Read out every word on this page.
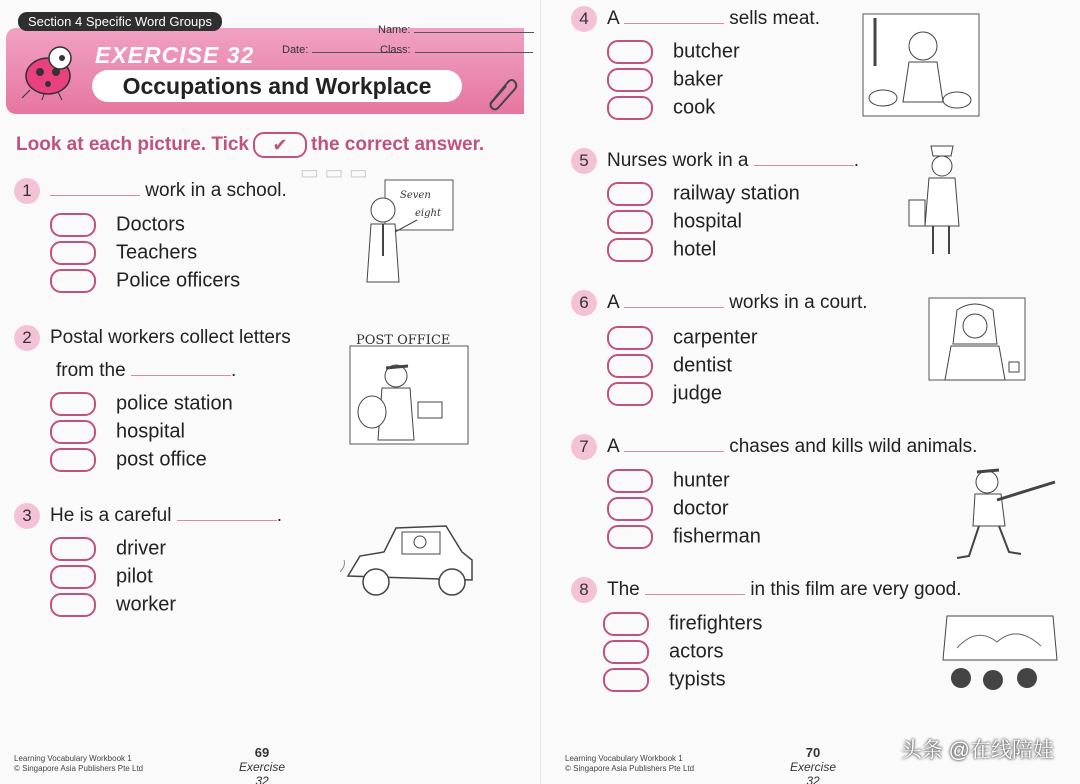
▭ ▭ ▭
Section 4 Specific Word Groups
Name:
Date:	Class:
EXERCISE 32
Occupations and Workplace
Look at each picture. Tick ✔ the correct answer.
1	work in a school.
Doctors
Teachers
Police officers
Seven
eight
2 Postal workers collect letters
from the	.
police station
hospital
post office
POST OFFICE
3 He is a careful	.
driver
pilot
worker
Learning Vocabulary Workbook 1
© Singapore Asia Publishers Pte Ltd
69
Exercise 32
4 A	sells meat.
butcher
baker
cook
5 Nurses work in a	.
railway station
hospital
hotel
6 A	works in a court.
carpenter
dentist
judge
7 A	chases and kills wild animals.
hunter
doctor
fisherman
8 The	in this film are very good.
firefighters
actors
typists
Learning Vocabulary Workbook 1
© Singapore Asia Publishers Pte Ltd
70
Exercise 32
头条 @在线陪娃
